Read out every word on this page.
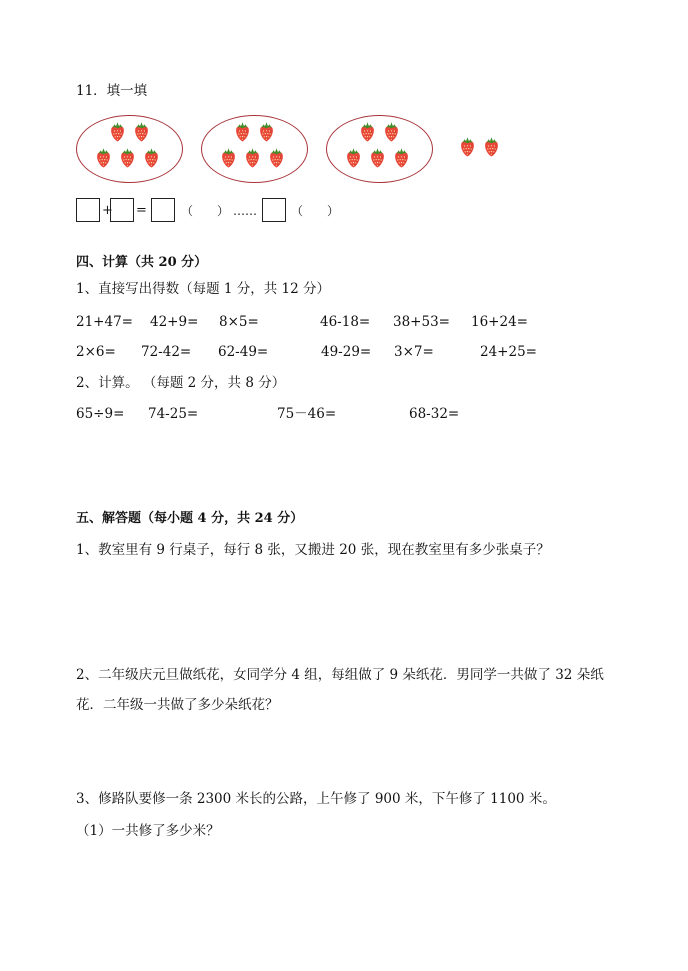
11．填一填
+ =	（　　） ……	（　　）
四、计算（共 20 分）
1、直接写出得数（每题 1 分，共 12 分）
21+47= 42+9= 8×5=	46-18= 38+53= 16+24=
2×6= 72-42= 62-49=	49-29= 3×7=	24+25=
2、计算。 （每题 2 分，共 8 分）
65÷9= 74-25=	75－46=	68-32=
五、解答题（每小题 4 分，共 24 分）
1、教室里有 9 行桌子，每行 8 张，又搬进 20 张，现在教室里有多少张桌子？
2、二年级庆元旦做纸花，女同学分 4 组，每组做了 9 朵纸花．男同学一共做了 32 朵纸
花．二年级一共做了多少朵纸花？
3、修路队要修一条 2300 米长的公路，上午修了 900 米，下午修了 1100 米。
（1）一共修了多少米？
